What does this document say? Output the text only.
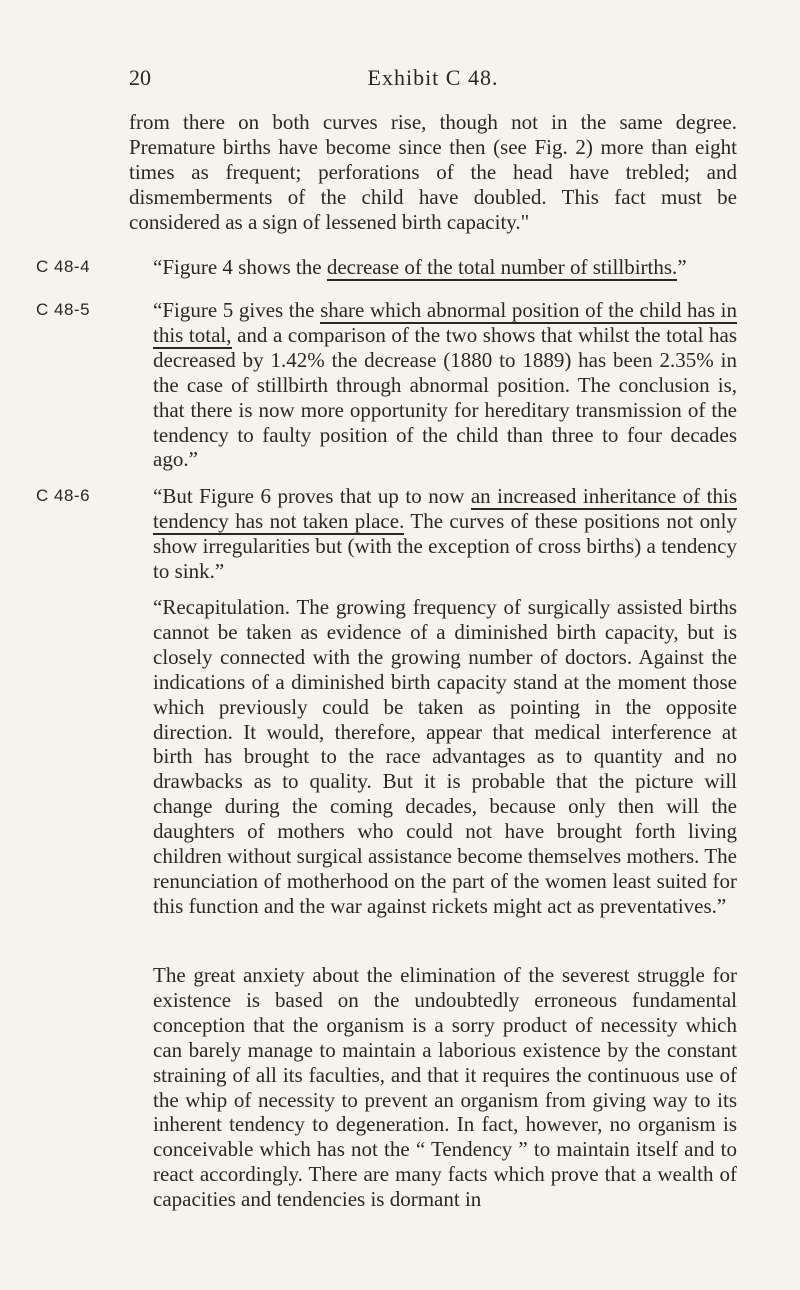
20	Exhibit C 48.
C 48-4
C 48-5
C 48-6
from there on both curves rise, though not in the same degree. Premature births have become since then (see Fig. 2) more than eight times as frequent; perforations of the head have trebled; and dismemberments of the child have doubled. This fact must be considered as a sign of lessened birth capacity."
“Figure 4 shows the decrease of the total number of stillbirths.”
“Figure 5 gives the share which abnormal position of the child has in this total, and a comparison of the two shows that whilst the total has decreased by 1.42% the decrease (1880 to 1889) has been 2.35% in the case of stillbirth through abnormal position. The conclusion is, that there is now more opportunity for hereditary transmission of the tendency to faulty position of the child than three to four decades ago.”
“But Figure 6 proves that up to now an increased inheritance of this tendency has not taken place. The curves of these positions not only show irregularities but (with the exception of cross births) a tendency to sink.”
“Recapitulation. The growing frequency of surgically assisted births cannot be taken as evidence of a diminished birth capacity, but is closely connected with the growing number of doctors. Against the indications of a diminished birth capacity stand at the moment those which previously could be taken as pointing in the opposite direction. It would, therefore, appear that medical interference at birth has brought to the race advantages as to quantity and no drawbacks as to quality. But it is probable that the picture will change during the coming decades, because only then will the daughters of mothers who could not have brought forth living children without surgical assistance become themselves mothers. The renunciation of motherhood on the part of the women least suited for this function and the war against rickets might act as preventatives.”
The great anxiety about the elimination of the severest struggle for existence is based on the undoubtedly erroneous fundamental conception that the organism is a sorry product of necessity which can barely manage to maintain a laborious existence by the constant straining of all its faculties, and that it requires the continuous use of the whip of necessity to prevent an organism from giving way to its inherent tendency to degeneration. In fact, however, no organism is conceivable which has not the “ Tendency ” to maintain itself and to react accordingly. There are many facts which prove that a wealth of capacities and tendencies is dormant in
